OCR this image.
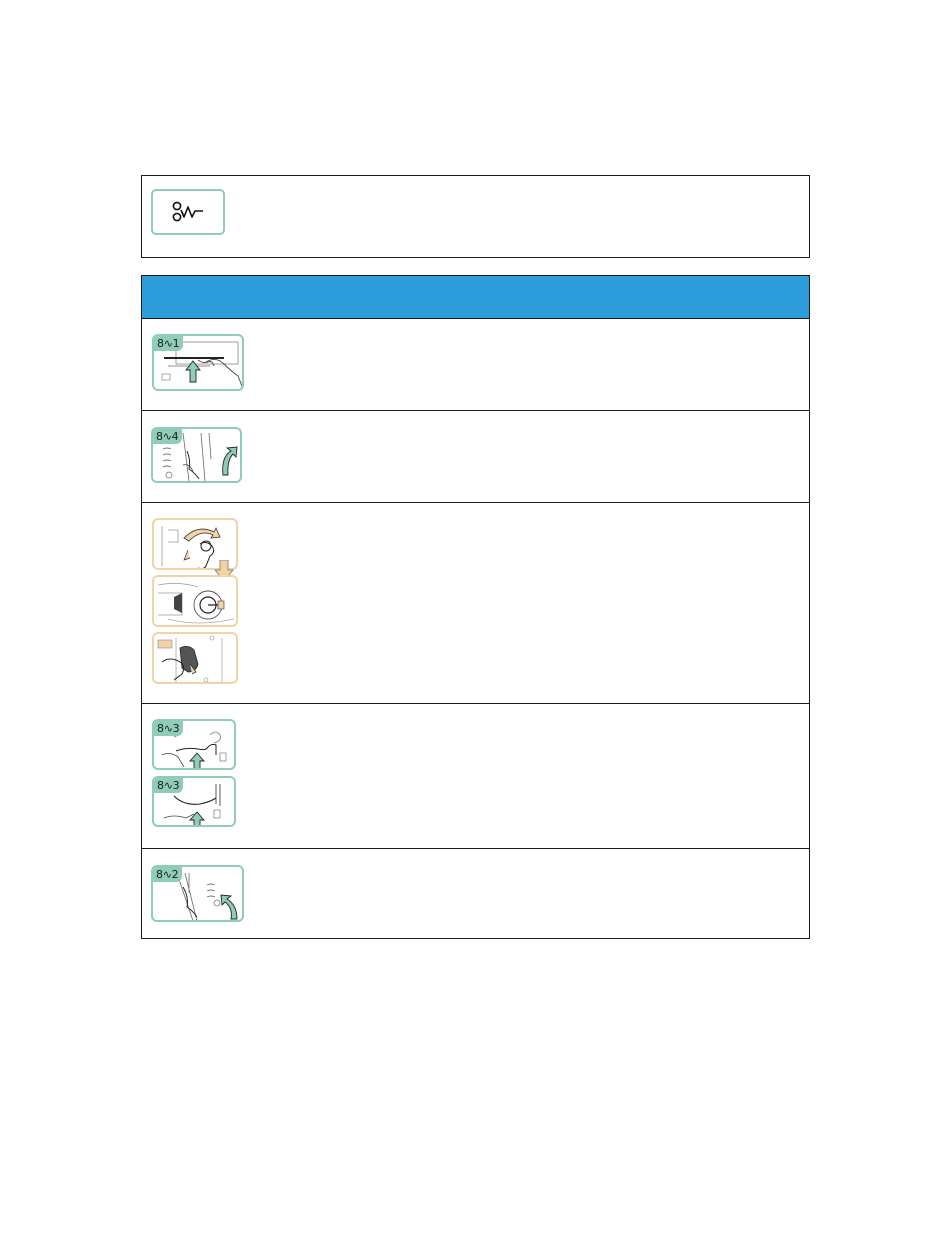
8∿1
8∿4
8∿3
8∿3
8∿2
